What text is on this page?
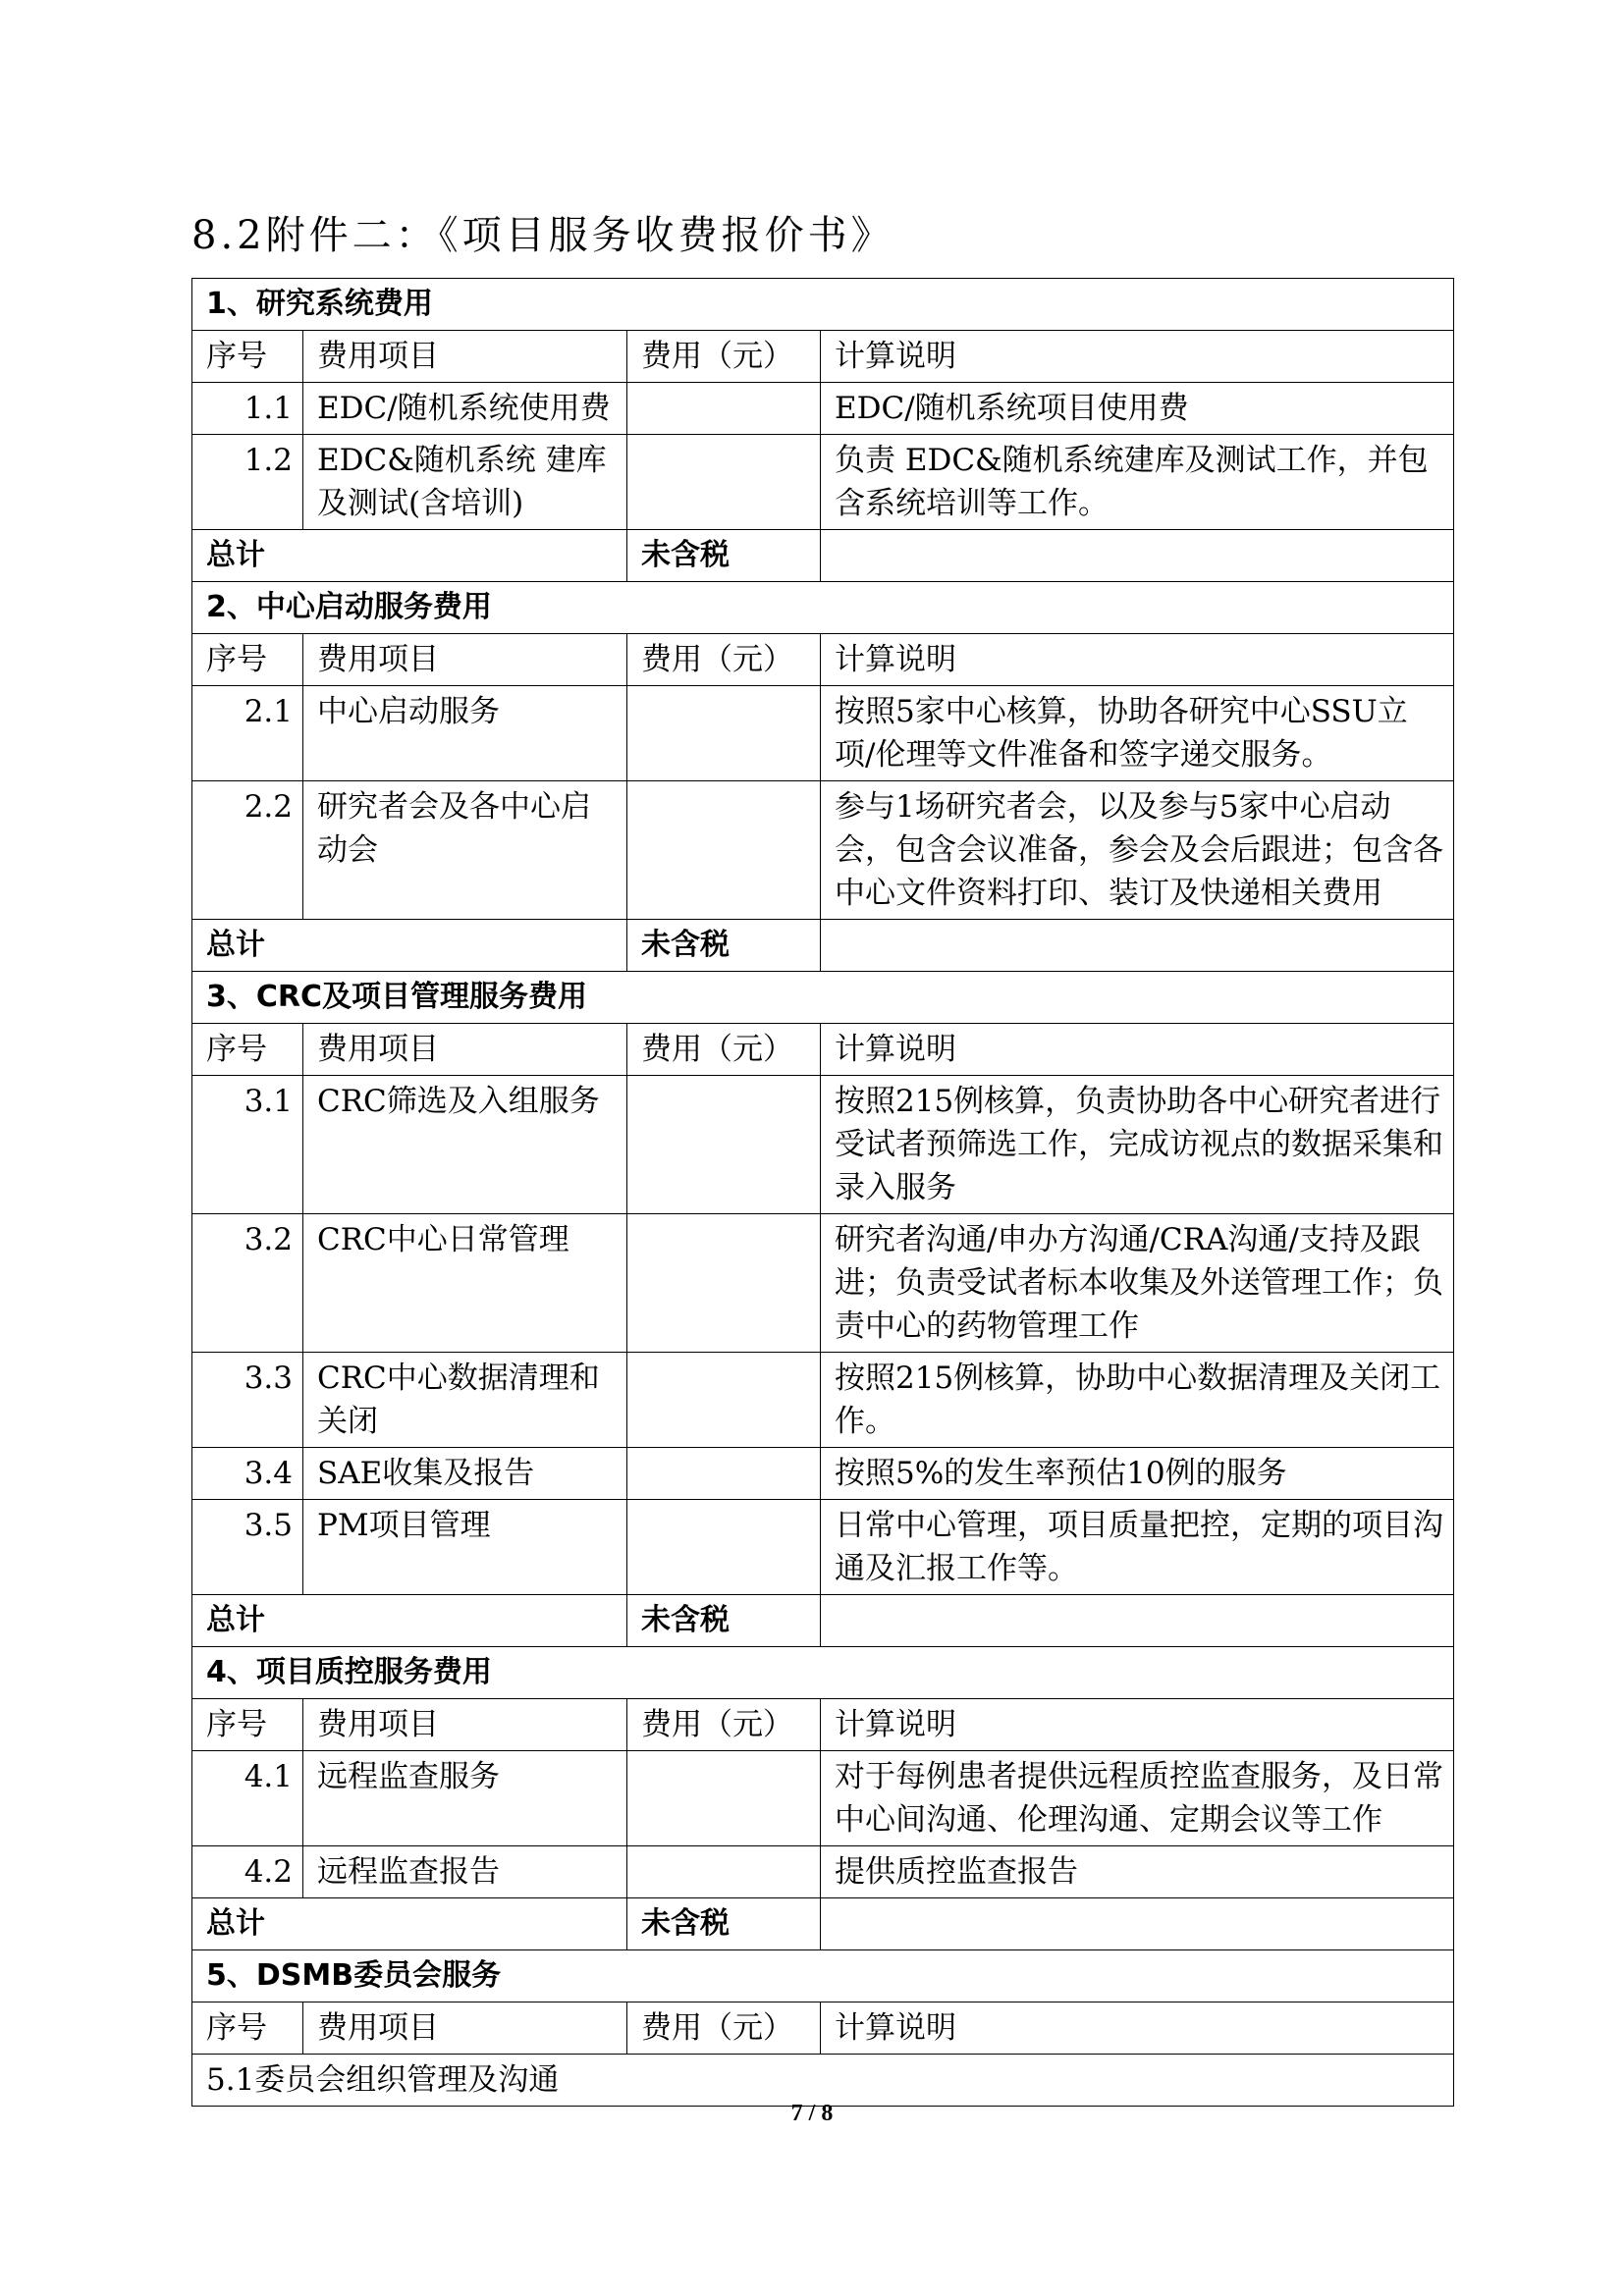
8.2附件二：《项目服务收费报价书》
1、研究系统费用			
序号	费用项目	费用（元）	计算说明
1.1	EDC/随机系统使用费		EDC/随机系统项目使用费
1.2	EDC&随机系统 建库及测试(含培训)		负责 EDC&随机系统建库及测试工作，并包含系统培训等工作。
总计		未含税	
2、中心启动服务费用			
序号	费用项目	费用（元）	计算说明
2.1	中心启动服务		按照5家中心核算，协助各研究中心SSU立项/伦理等文件准备和签字递交服务。
2.2	研究者会及各中心启动会		参与1场研究者会，以及参与5家中心启动会，包含会议准备，参会及会后跟进；包含各中心文件资料打印、装订及快递相关费用
总计		未含税	
3、CRC及项目管理服务费用			
序号	费用项目	费用（元）	计算说明
3.1	CRC筛选及入组服务		按照215例核算，负责协助各中心研究者进行受试者预筛选工作，完成访视点的数据采集和录入服务
3.2	CRC中心日常管理		研究者沟通/申办方沟通/CRA沟通/支持及跟进；负责受试者标本收集及外送管理工作；负责中心的药物管理工作
3.3	CRC中心数据清理和关闭		按照215例核算，协助中心数据清理及关闭工作。
3.4	SAE收集及报告		按照5%的发生率预估10例的服务
3.5	PM项目管理		日常中心管理，项目质量把控，定期的项目沟通及汇报工作等。
总计		未含税	
4、项目质控服务费用			
序号	费用项目	费用（元）	计算说明
4.1	远程监查服务		对于每例患者提供远程质控监查服务，及日常中心间沟通、伦理沟通、定期会议等工作
4.2	远程监查报告		提供质控监查报告
总计		未含税	
5、DSMB委员会服务			
序号	费用项目	费用（元）	计算说明
5.1委员会组织管理及沟通			
7 / 8
